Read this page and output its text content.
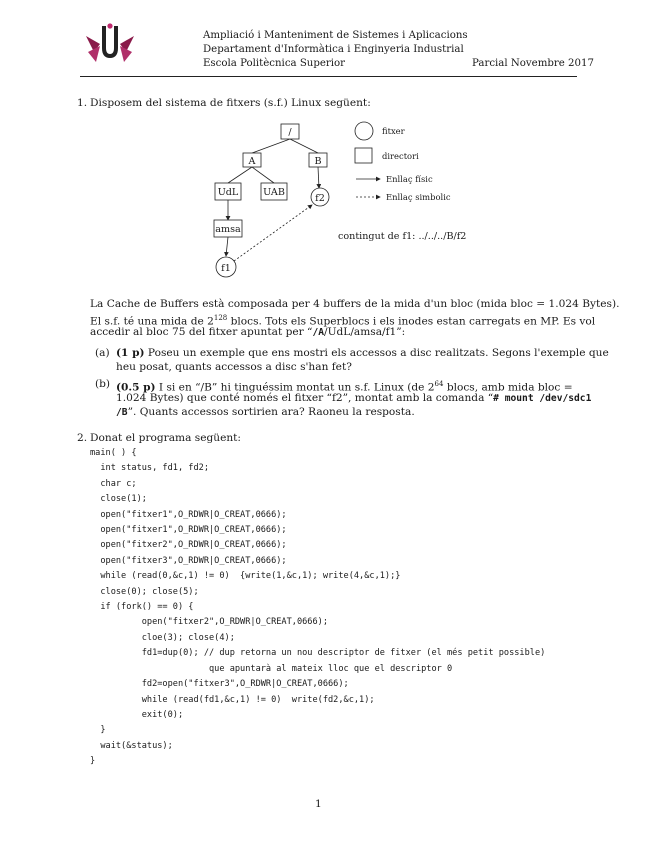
Ampliació i Manteniment de Sistemes i Aplicacions
Departament d'Informàtica i Enginyeria Industrial
Escola Politècnica Superior	Parcial Novembre 2017
1. Disposem del sistema de fitxers (s.f.) Linux següent:
/
A	B
UdL	UAB
amsa
f2
f1
fitxer
directori
Enllaç físic
Enllaç simbolic
contingut de f1: ../../../B/f2
La Cache de Buffers està composada per 4 buffers de la mida d'un bloc (mida bloc = 1.024 Bytes).
El s.f. té una mida de $2^{128}$ blocs. Tots els Superblocs i els inodes estan carregats en MP. Es vol
accedir al bloc 75 del fitxer apuntat per “/A/UdL/amsa/f1”:
(a) (1 p) Poseu un exemple que ens mostri els accessos a disc realitzats. Segons l'exemple que
heu posat, quants accessos a disc s'han fet?
(b) (0.5 p) I si en “/B” hi tinguéssim montat un s.f. Linux (de $2^{64}$ blocs, amb mida bloc =
1.024 Bytes) que conté només el fitxer “f2”, montat amb la comanda “# mount /dev/sdc1
/B”. Quants accessos sortirien ara? Raoneu la resposta.
2. Donat el programa següent:
main( ) {
int status, fd1, fd2;
char c;
close(1);
open("fitxer1",O_RDWR|O_CREAT,0666);
open("fitxer1",O_RDWR|O_CREAT,0666);
open("fitxer2",O_RDWR|O_CREAT,0666);
open("fitxer3",O_RDWR|O_CREAT,0666);
while (read(0,&c,1) != 0)  {write(1,&c,1); write(4,&c,1);}
close(0); close(5);
if (fork() == 0) {
open("fitxer2",O_RDWR|O_CREAT,0666);
cloe(3); close(4);
fd1=dup(0); // dup retorna un nou descriptor de fitxer (el més petit possible)
que apuntarà al mateix lloc que el descriptor 0
fd2=open("fitxer3",O_RDWR|O_CREAT,0666);
while (read(fd1,&c,1) != 0)  write(fd2,&c,1);
exit(0);
}
wait(&status);
}
1
